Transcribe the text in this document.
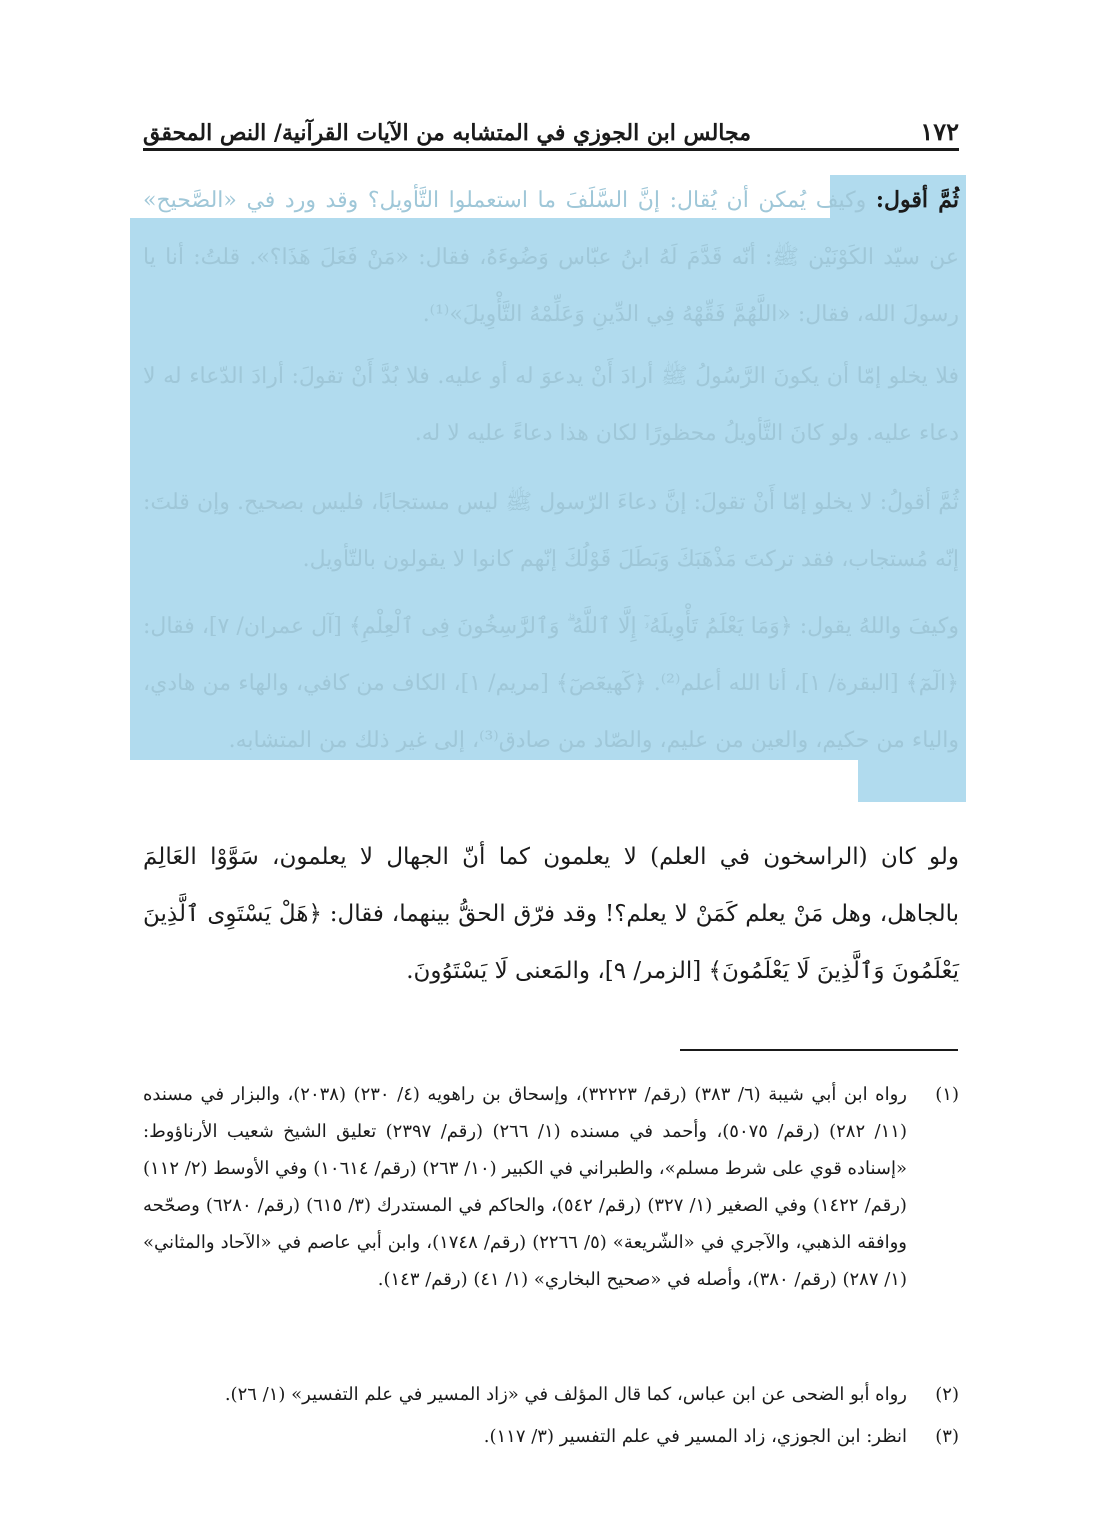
١٧٢
مجالس ابن الجوزي في المتشابه من الآيات القرآنية/ النص المحقق

ثُمَّ أقول: وكيف يُمكن أن يُقال: إنَّ السَّلَفَ ما استعملوا التَّأويل؟ وقد ورد في «الصَّحيح» عن سيّد الكَوْنَيْن ﷺ: أنّه قَدَّمَ لَهُ ابنُ عبّاس وَضُوءَهُ، فقال: «مَنْ فَعَلَ هَذَا؟». قلتُ: أنا يا رسولَ الله، فقال: «اللَّهُمَّ فَقِّهْهُ فِي الدِّينِ وَعَلِّمْهُ التَّأْوِيلَ»⁽¹⁾.

فلا يخلو إمّا أن يكونَ الرَّسُولُ ﷺ أرادَ أَنْ يدعوَ له أو عليه. فلا بُدَّ أَنْ تقولَ: أرادَ الدّعاء له لا دعاء عليه. ولو كانَ التَّأويلُ محظورًا لكان هذا دعاءً عليه لا له.

ثُمَّ أقولُ: لا يخلو إمّا أَنْ تقولَ: إنَّ دعاءَ الرّسول ﷺ ليس مستجابًا، فليس بصحيح. وإن قلتَ: إنّه مُستجاب، فقد تركتَ مَذْهَبَكَ وَبَطَلَ قَوْلُكَ إنّهم كانوا لا يقولون بالتّأويل.

وكيفَ واللهُ يقول: ﴿وَمَا يَعْلَمُ تَأْوِيلَهُۥٓ إِلَّا ٱللَّهُ ۗ وَٱلرَّٰسِخُونَ فِى ٱلْعِلْمِ﴾ [آل عمران/ ٧]، فقال: ﴿الٓمٓ﴾ [البقرة/ ١]، أنا الله أعلم⁽²⁾. ﴿كٓهيعٓصٓ﴾ [مريم/ ١]، الكاف من كافي، والهاء من هادي، والياء من حكيم، والعين من عليم، والصّاد من صادق⁽³⁾، إلى غير ذلك من المتشابه.

ولو كان (الراسخون في العلم) لا يعلمون كما أنّ الجهال لا يعلمون، سَوَّوْا العَالِمَ بالجاهل، وهل مَنْ يعلم كَمَنْ لا يعلم؟! وقد فرّق الحقُّ بينهما، فقال: ﴿هَلْ يَسْتَوِى ٱلَّذِينَ يَعْلَمُونَ وَٱلَّذِينَ لَا يَعْلَمُونَ﴾ [الزمر/ ٩]، والمَعنى لَا يَسْتَوُونَ.

(١)
رواه ابن أبي شيبة (٦/ ٣٨٣) (رقم/ ٣٢٢٢٣)، وإسحاق بن راهويه (٤/ ٢٣٠) (٢٠٣٨)، والبزار في مسنده (١١/ ٢٨٢) (رقم/ ٥٠٧٥)، وأحمد في مسنده (١/ ٢٦٦) (رقم/ ٢٣٩٧) تعليق الشيخ شعيب الأرناؤوط: «إسناده قوي على شرط مسلم»، والطبراني في الكبير (١٠/ ٢٦٣) (رقم/ ١٠٦١٤) وفي الأوسط (٢/ ١١٢) (رقم/ ١٤٢٢) وفي الصغير (١/ ٣٢٧) (رقم/ ٥٤٢)، والحاكم في المستدرك (٣/ ٦١٥) (رقم/ ٦٢٨٠) وصحّحه ووافقه الذهبي، والآجري في «الشّريعة» (٥/ ٢٢٦٦) (رقم/ ١٧٤٨)، وابن أبي عاصم في «الآحاد والمثاني» (١/ ٢٨٧) (رقم/ ٣٨٠)، وأصله في «صحيح البخاري» (١/ ٤١) (رقم/ ١٤٣).
(٢)
رواه أبو الضحى عن ابن عباس، كما قال المؤلف في «زاد المسير في علم التفسير» (١/ ٢٦).
(٣)
انظر: ابن الجوزي، زاد المسير في علم التفسير (٣/ ١١٧).
